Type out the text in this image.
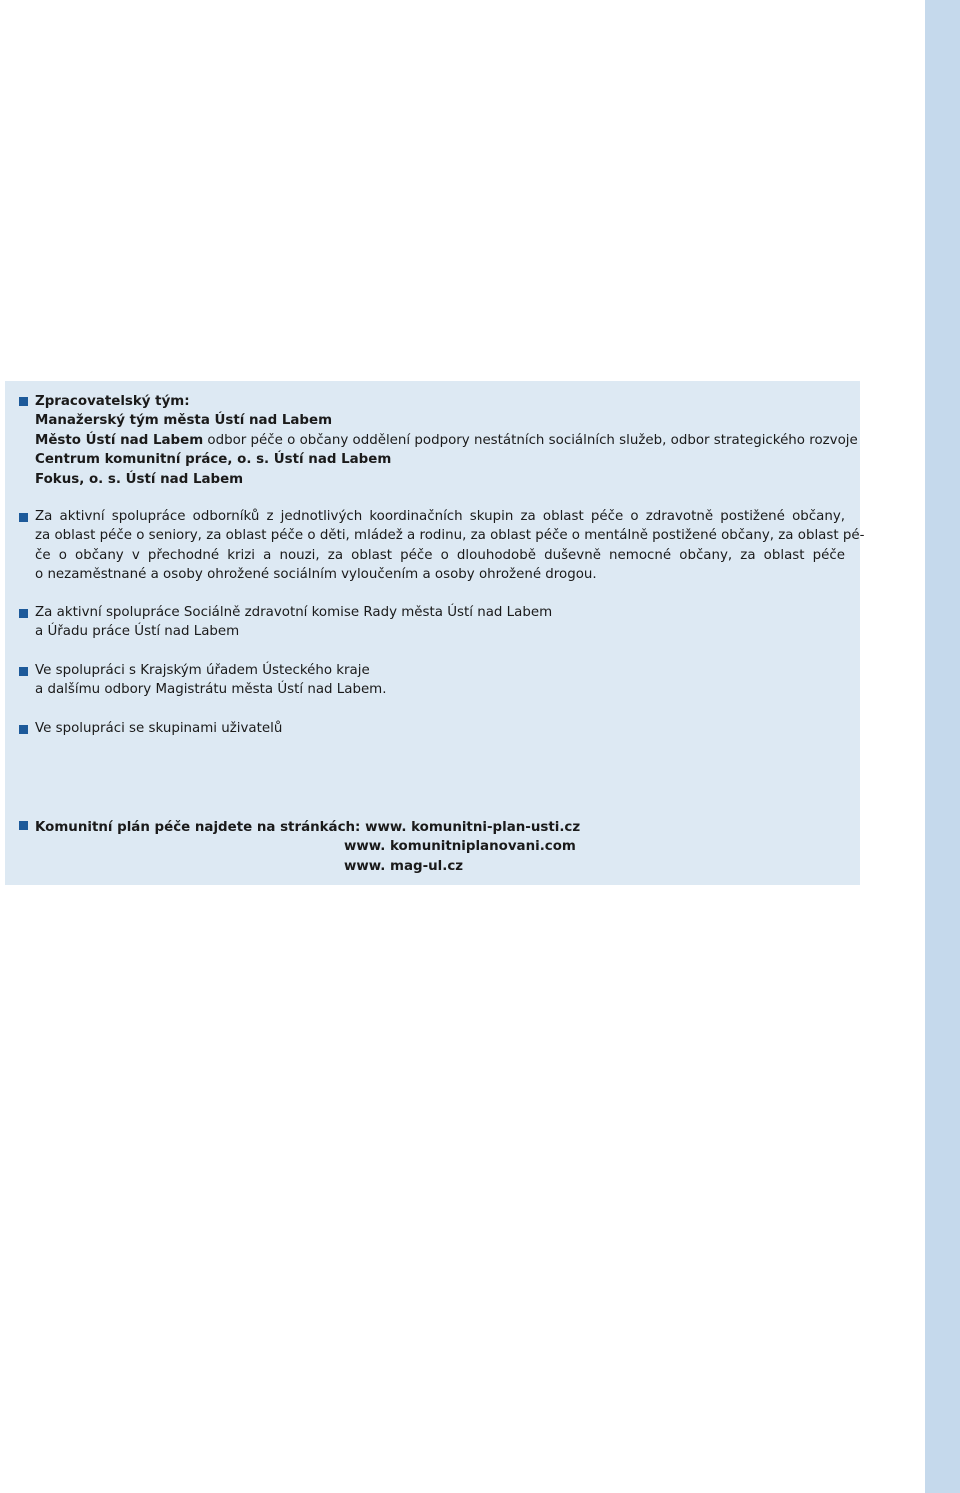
Zpracovatelský tým:
Manažerský tým města Ústí nad Labem
Město Ústí nad Labem odbor péče o občany oddělení podpory nestátních sociálních služeb, odbor strategického rozvoje
Centrum komunitní práce, o. s. Ústí nad Labem
Fokus, o. s. Ústí nad Labem
Za aktivní spolupráce odborníků z jednotlivých koordinačních skupin za oblast péče o zdravotně postižené občany,
za oblast péče o seniory, za oblast péče o děti, mládež a rodinu, za oblast péče o mentálně postižené občany, za oblast pé-
če o občany v přechodné krizi a nouzi, za oblast péče o dlouhodobě duševně nemocné občany, za oblast péče
o nezaměstnané a osoby ohrožené sociálním vyloučením a osoby ohrožené drogou.
Za aktivní spolupráce Sociálně zdravotní komise Rady města Ústí nad Labem
a Úřadu práce Ústí nad Labem
Ve spolupráci s Krajským úřadem Ústeckého kraje
a dalšímu odbory Magistrátu města Ústí nad Labem.
Ve spolupráci se skupinami uživatelů
Komunitní plán péče najdete na stránkách: www. komunitni-plan-usti.cz
www. komunitniplanovani.com
www. mag-ul.cz
